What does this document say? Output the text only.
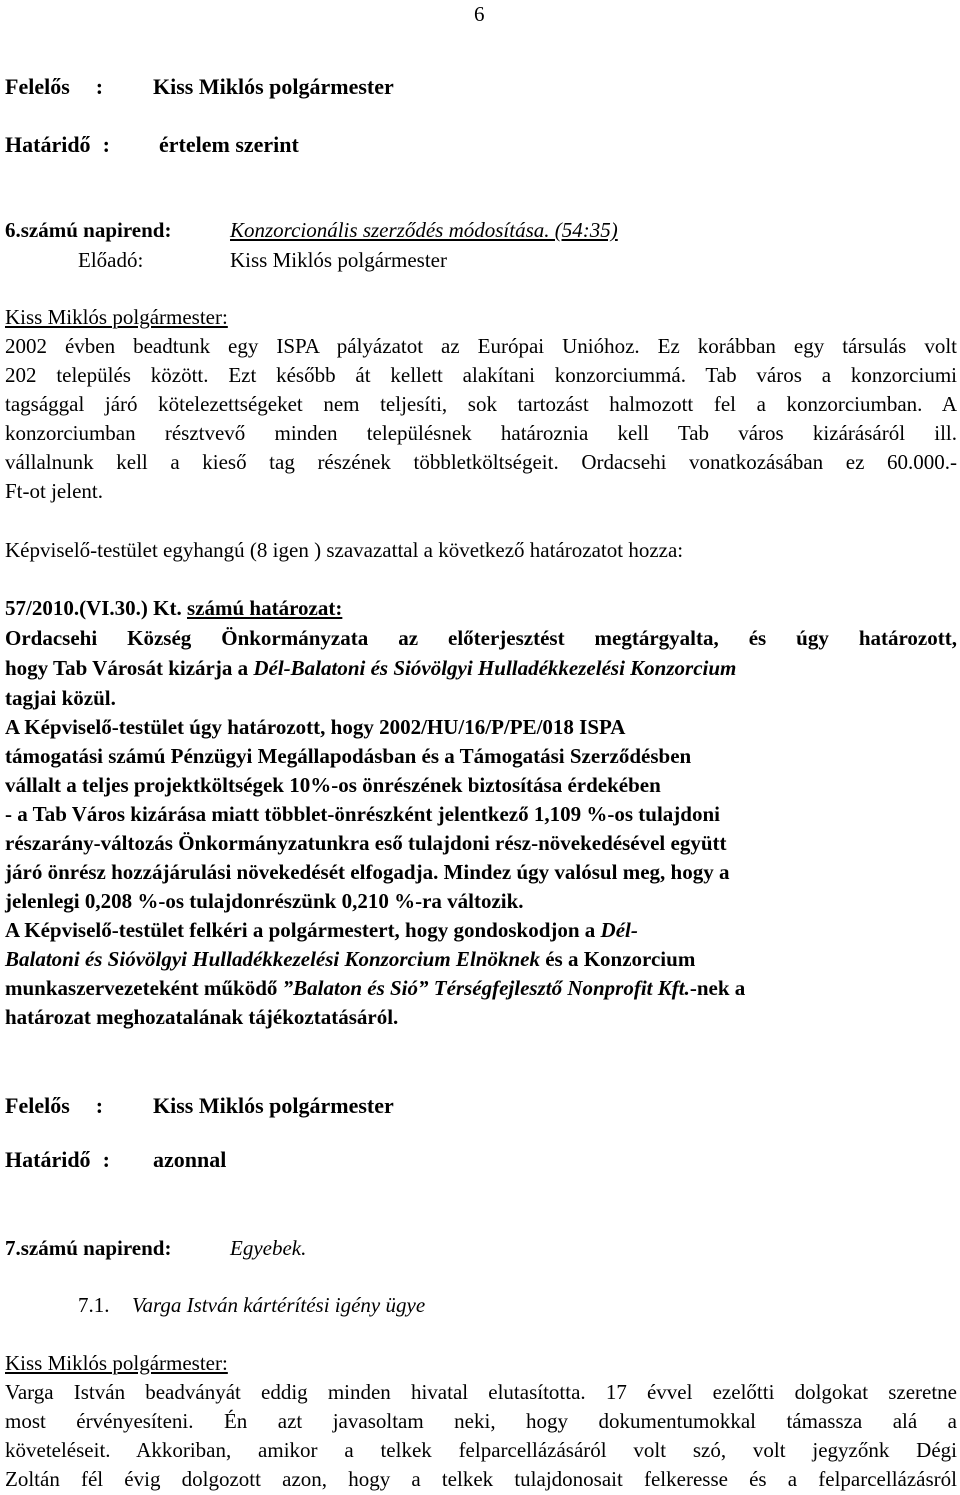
6
Felelős : Kiss Miklós polgármester
Határidő : értelem szerint
6.számú napirend:	Konzorcionális szerződés módosítása. (54:35)
Előadó:	Kiss Miklós polgármester
Kiss Miklós polgármester:
2002 évben beadtunk egy ISPA pályázatot az Európai Unióhoz. Ez korábban egy társulás volt
202 település között. Ezt később át kellett alakítani konzorciummá. Tab város a konzorciumi
tagsággal járó kötelezettségeket nem teljesíti, sok tartozást halmozott fel a konzorciumban. A
konzorciumban résztvevő minden településnek határoznia kell Tab város kizárásáról ill.
vállalnunk kell a kieső tag részének többletköltségeit. Ordacsehi vonatkozásában ez 60.000.-
Ft-ot jelent.
Képviselő-testület egyhangú (8 igen ) szavazattal a következő határozatot hozza:
57/2010.(VI.30.) Kt. számú határozat:
Ordacsehi Község Önkormányzata az előterjesztést megtárgyalta, és úgy határozott,
hogy Tab Városát kizárja a Dél-Balatoni és Sióvölgyi Hulladékkezelési Konzorcium
tagjai közül.
A Képviselő-testület úgy határozott, hogy 2002/HU/16/P/PE/018 ISPA
támogatási számú Pénzügyi Megállapodásban és a Támogatási Szerződésben
vállalt a teljes projektköltségek 10%-os önrészének biztosítása érdekében
- a Tab Város kizárása miatt többlet-önrészként jelentkező 1,109 %-os tulajdoni
részarány-változás Önkormányzatunkra eső tulajdoni rész-növekedésével együtt
járó önrész hozzájárulási növekedését elfogadja. Mindez úgy valósul meg, hogy a
jelenlegi 0,208 %-os tulajdonrészünk 0,210 %-ra változik.
A Képviselő-testület felkéri a polgármestert, hogy gondoskodjon a Dél-
Balatoni és Sióvölgyi Hulladékkezelési Konzorcium Elnöknek és a Konzorcium
munkaszervezeteként működő ”Balaton és Sió” Térségfejlesztő Nonprofit Kft.-nek a
határozat meghozatalának tájékoztatásáról.
Felelős : Kiss Miklós polgármester
Határidő : azonnal
7.számú napirend:	Egyebek.
7.1. Varga István kártérítési igény ügye
Kiss Miklós polgármester:
Varga István beadványát eddig minden hivatal elutasította. 17 évvel ezelőtti dolgokat szeretne
most érvényesíteni. Én azt javasoltam neki, hogy dokumentumokkal támassza alá a
követeléseit. Akkoriban, amikor a telkek felparcellázásáról volt szó, volt jegyzőnk Dégi
Zoltán fél évig dolgozott azon, hogy a telkek tulajdonosait felkeresse és a felparcellázásról
